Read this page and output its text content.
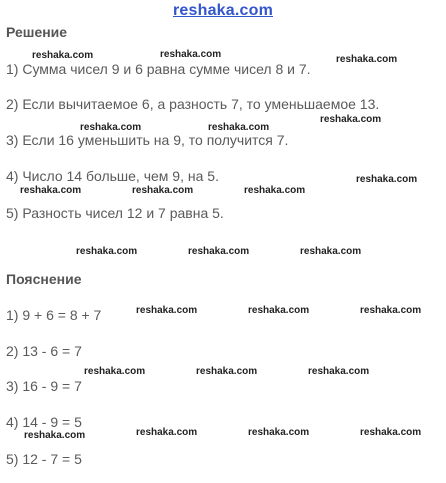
reshaka.com
Решение
1) Сумма чисел 9 и 6 равна сумме чисел 8 и 7.
2) Если вычитаемое 6, а разность 7, то уменьшаемое 13.
3) Если 16 уменьшить на 9, то получится 7.
4) Число 14 больше, чем 9, на 5.
5) Разность чисел 12 и 7 равна 5.
Пояснение
1) 9 + 6 = 8 + 7
2) 13 - 6 = 7
3) 16 - 9 = 7
4) 14 - 9 = 5
5) 12 - 7 = 5
reshaka.com	reshaka.com	reshaka.com
reshaka.com
reshaka.com	reshaka.com
reshaka.com
reshaka.com	reshaka.com	reshaka.com
reshaka.com	reshaka.com	reshaka.com
reshaka.com	reshaka.com	reshaka.com
reshaka.com	reshaka.com	reshaka.com
reshaka.com	reshaka.com	reshaka.com
reshaka.com
